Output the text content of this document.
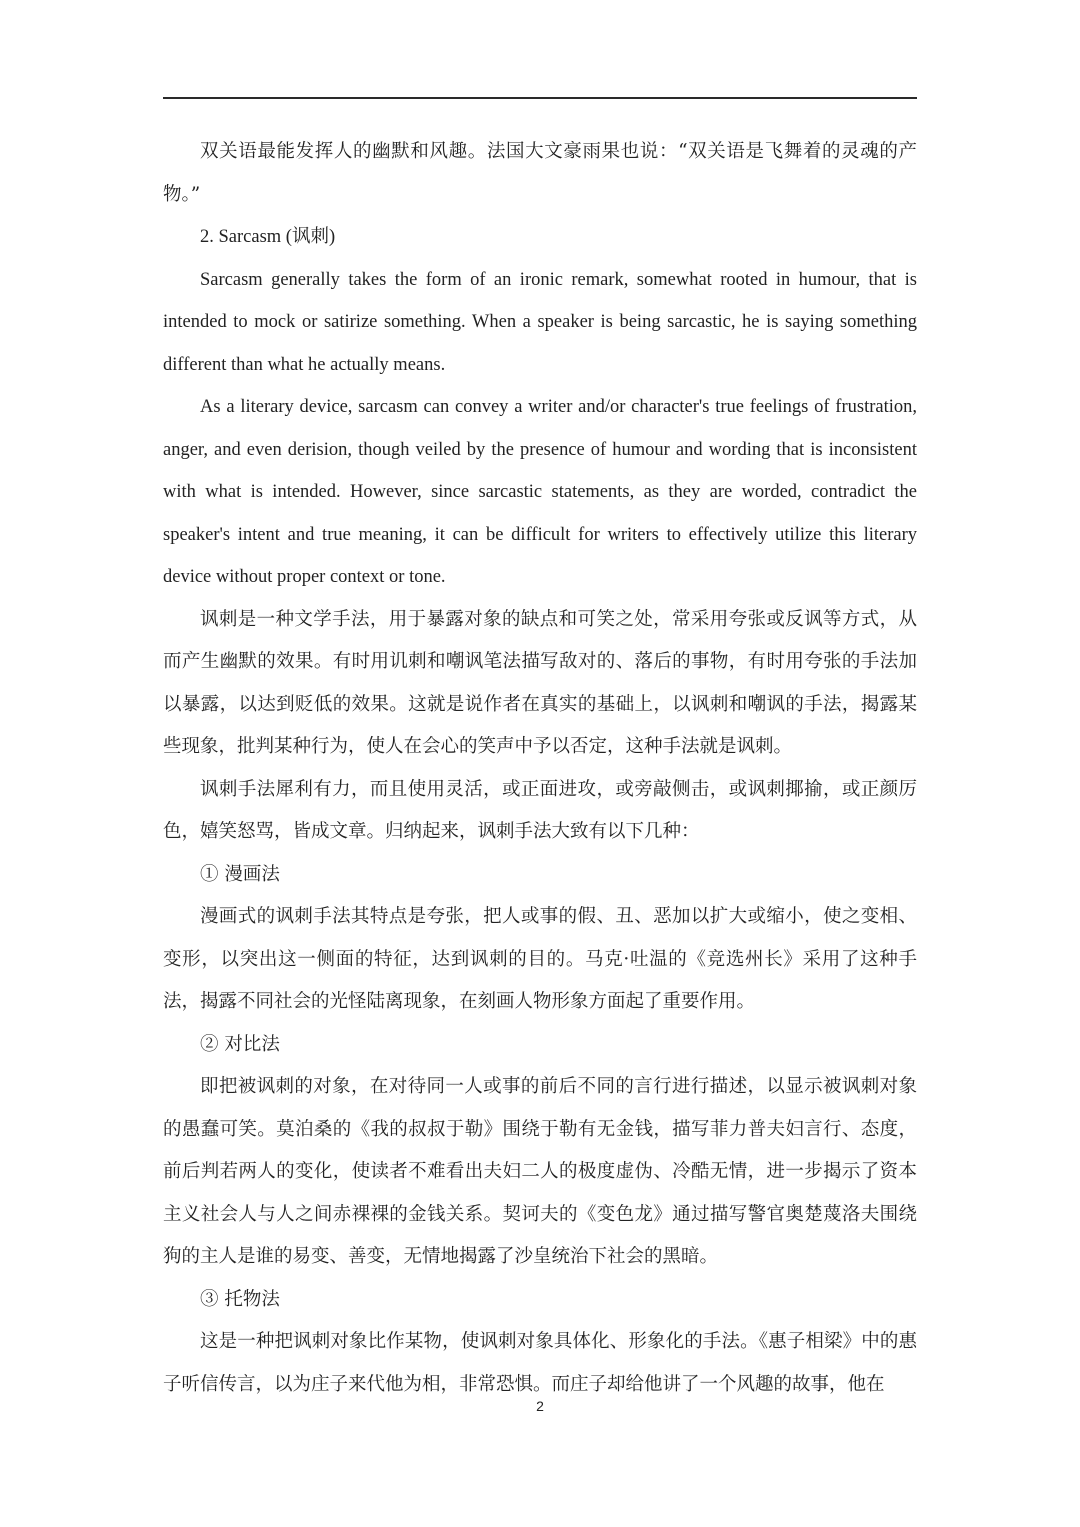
双关语最能发挥人的幽默和风趣。法国大文豪雨果也说：“双关语是飞舞着的灵魂的产物。”

2. Sarcasm (讽刺)

Sarcasm generally takes the form of an ironic remark, somewhat rooted in humour, that is intended to mock or satirize something. When a speaker is being sarcastic, he is saying something different than what he actually means.

As a literary device, sarcasm can convey a writer and/or character's true feelings of frustration, anger, and even derision, though veiled by the presence of humour and wording that is inconsistent with what is intended. However, since sarcastic statements, as they are worded, contradict the speaker's intent and true meaning, it can be difficult for writers to effectively utilize this literary device without proper context or tone.

讽刺是一种文学手法，用于暴露对象的缺点和可笑之处，常采用夸张或反讽等方式，从而产生幽默的效果。有时用讥刺和嘲讽笔法描写敌对的、落后的事物，有时用夸张的手法加以暴露，以达到贬低的效果。这就是说作者在真实的基础上，以讽刺和嘲讽的手法，揭露某些现象，批判某种行为，使人在会心的笑声中予以否定，这种手法就是讽刺。

讽刺手法犀利有力，而且使用灵活，或正面进攻，或旁敲侧击，或讽刺揶揄，或正颜厉色，嬉笑怒骂，皆成文章。归纳起来，讽刺手法大致有以下几种：

① 漫画法

漫画式的讽刺手法其特点是夸张，把人或事的假、丑、恶加以扩大或缩小，使之变相、变形，以突出这一侧面的特征，达到讽刺的目的。马克·吐温的《竞选州长》采用了这种手法，揭露不同社会的光怪陆离现象，在刻画人物形象方面起了重要作用。

② 对比法

即把被讽刺的对象，在对待同一人或事的前后不同的言行进行描述，以显示被讽刺对象的愚蠢可笑。莫泊桑的《我的叔叔于勒》围绕于勒有无金钱，描写菲力普夫妇言行、态度，前后判若两人的变化，使读者不难看出夫妇二人的极度虚伪、冷酷无情，进一步揭示了资本主义社会人与人之间赤裸裸的金钱关系。契诃夫的《变色龙》通过描写警官奥楚蔑洛夫围绕狗的主人是谁的易变、善变，无情地揭露了沙皇统治下社会的黑暗。

③ 托物法

这是一种把讽刺对象比作某物，使讽刺对象具体化、形象化的手法。《惠子相梁》中的惠子听信传言，以为庄子来代他为相，非常恐惧。而庄子却给他讲了一个风趣的故事，他在

2
